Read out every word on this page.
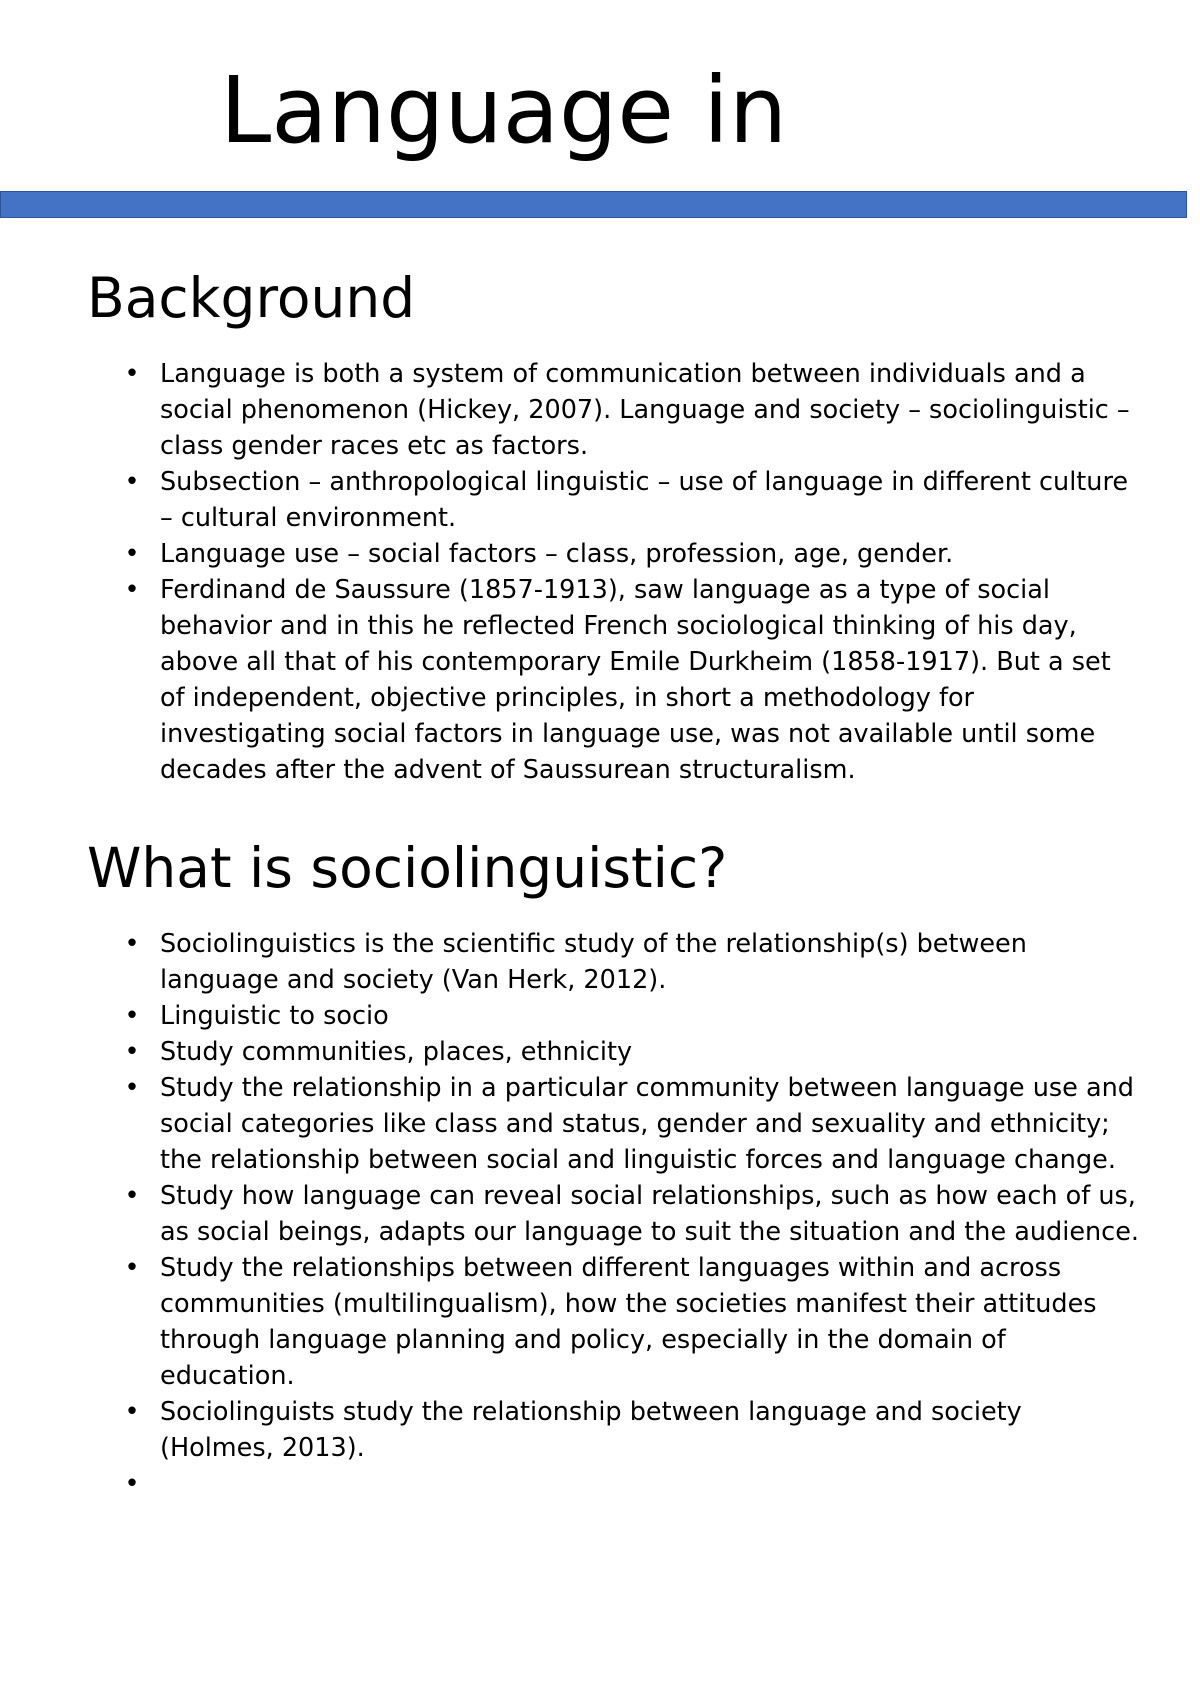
Language in
Background
• Language is both a system of communication between individuals and a social phenomenon (Hickey, 2007). Language and society – sociolinguistic – class gender races etc as factors.
• Subsection – anthropological linguistic – use of language in different culture – cultural environment.
• Language use – social factors – class, profession, age, gender.
• Ferdinand de Saussure (1857-1913), saw language as a type of social behavior and in this he reflected French sociological thinking of his day, above all that of his contemporary Emile Durkheim (1858-1917). But a set of independent, objective principles, in short a methodology for investigating social factors in language use, was not available until some decades after the advent of Saussurean structuralism.
What is sociolinguistic?
• Sociolinguistics is the scientific study of the relationship(s) between language and society (Van Herk, 2012).
• Linguistic to socio
• Study communities, places, ethnicity
• Study the relationship in a particular community between language use and social categories like class and status, gender and sexuality and ethnicity; the relationship between social and linguistic forces and language change.
• Study how language can reveal social relationships, such as how each of us, as social beings, adapts our language to suit the situation and the audience.
• Study the relationships between different languages within and across communities (multilingualism), how the societies manifest their attitudes through language planning and policy, especially in the domain of education.
• Sociolinguists study the relationship between language and society (Holmes, 2013).
•
